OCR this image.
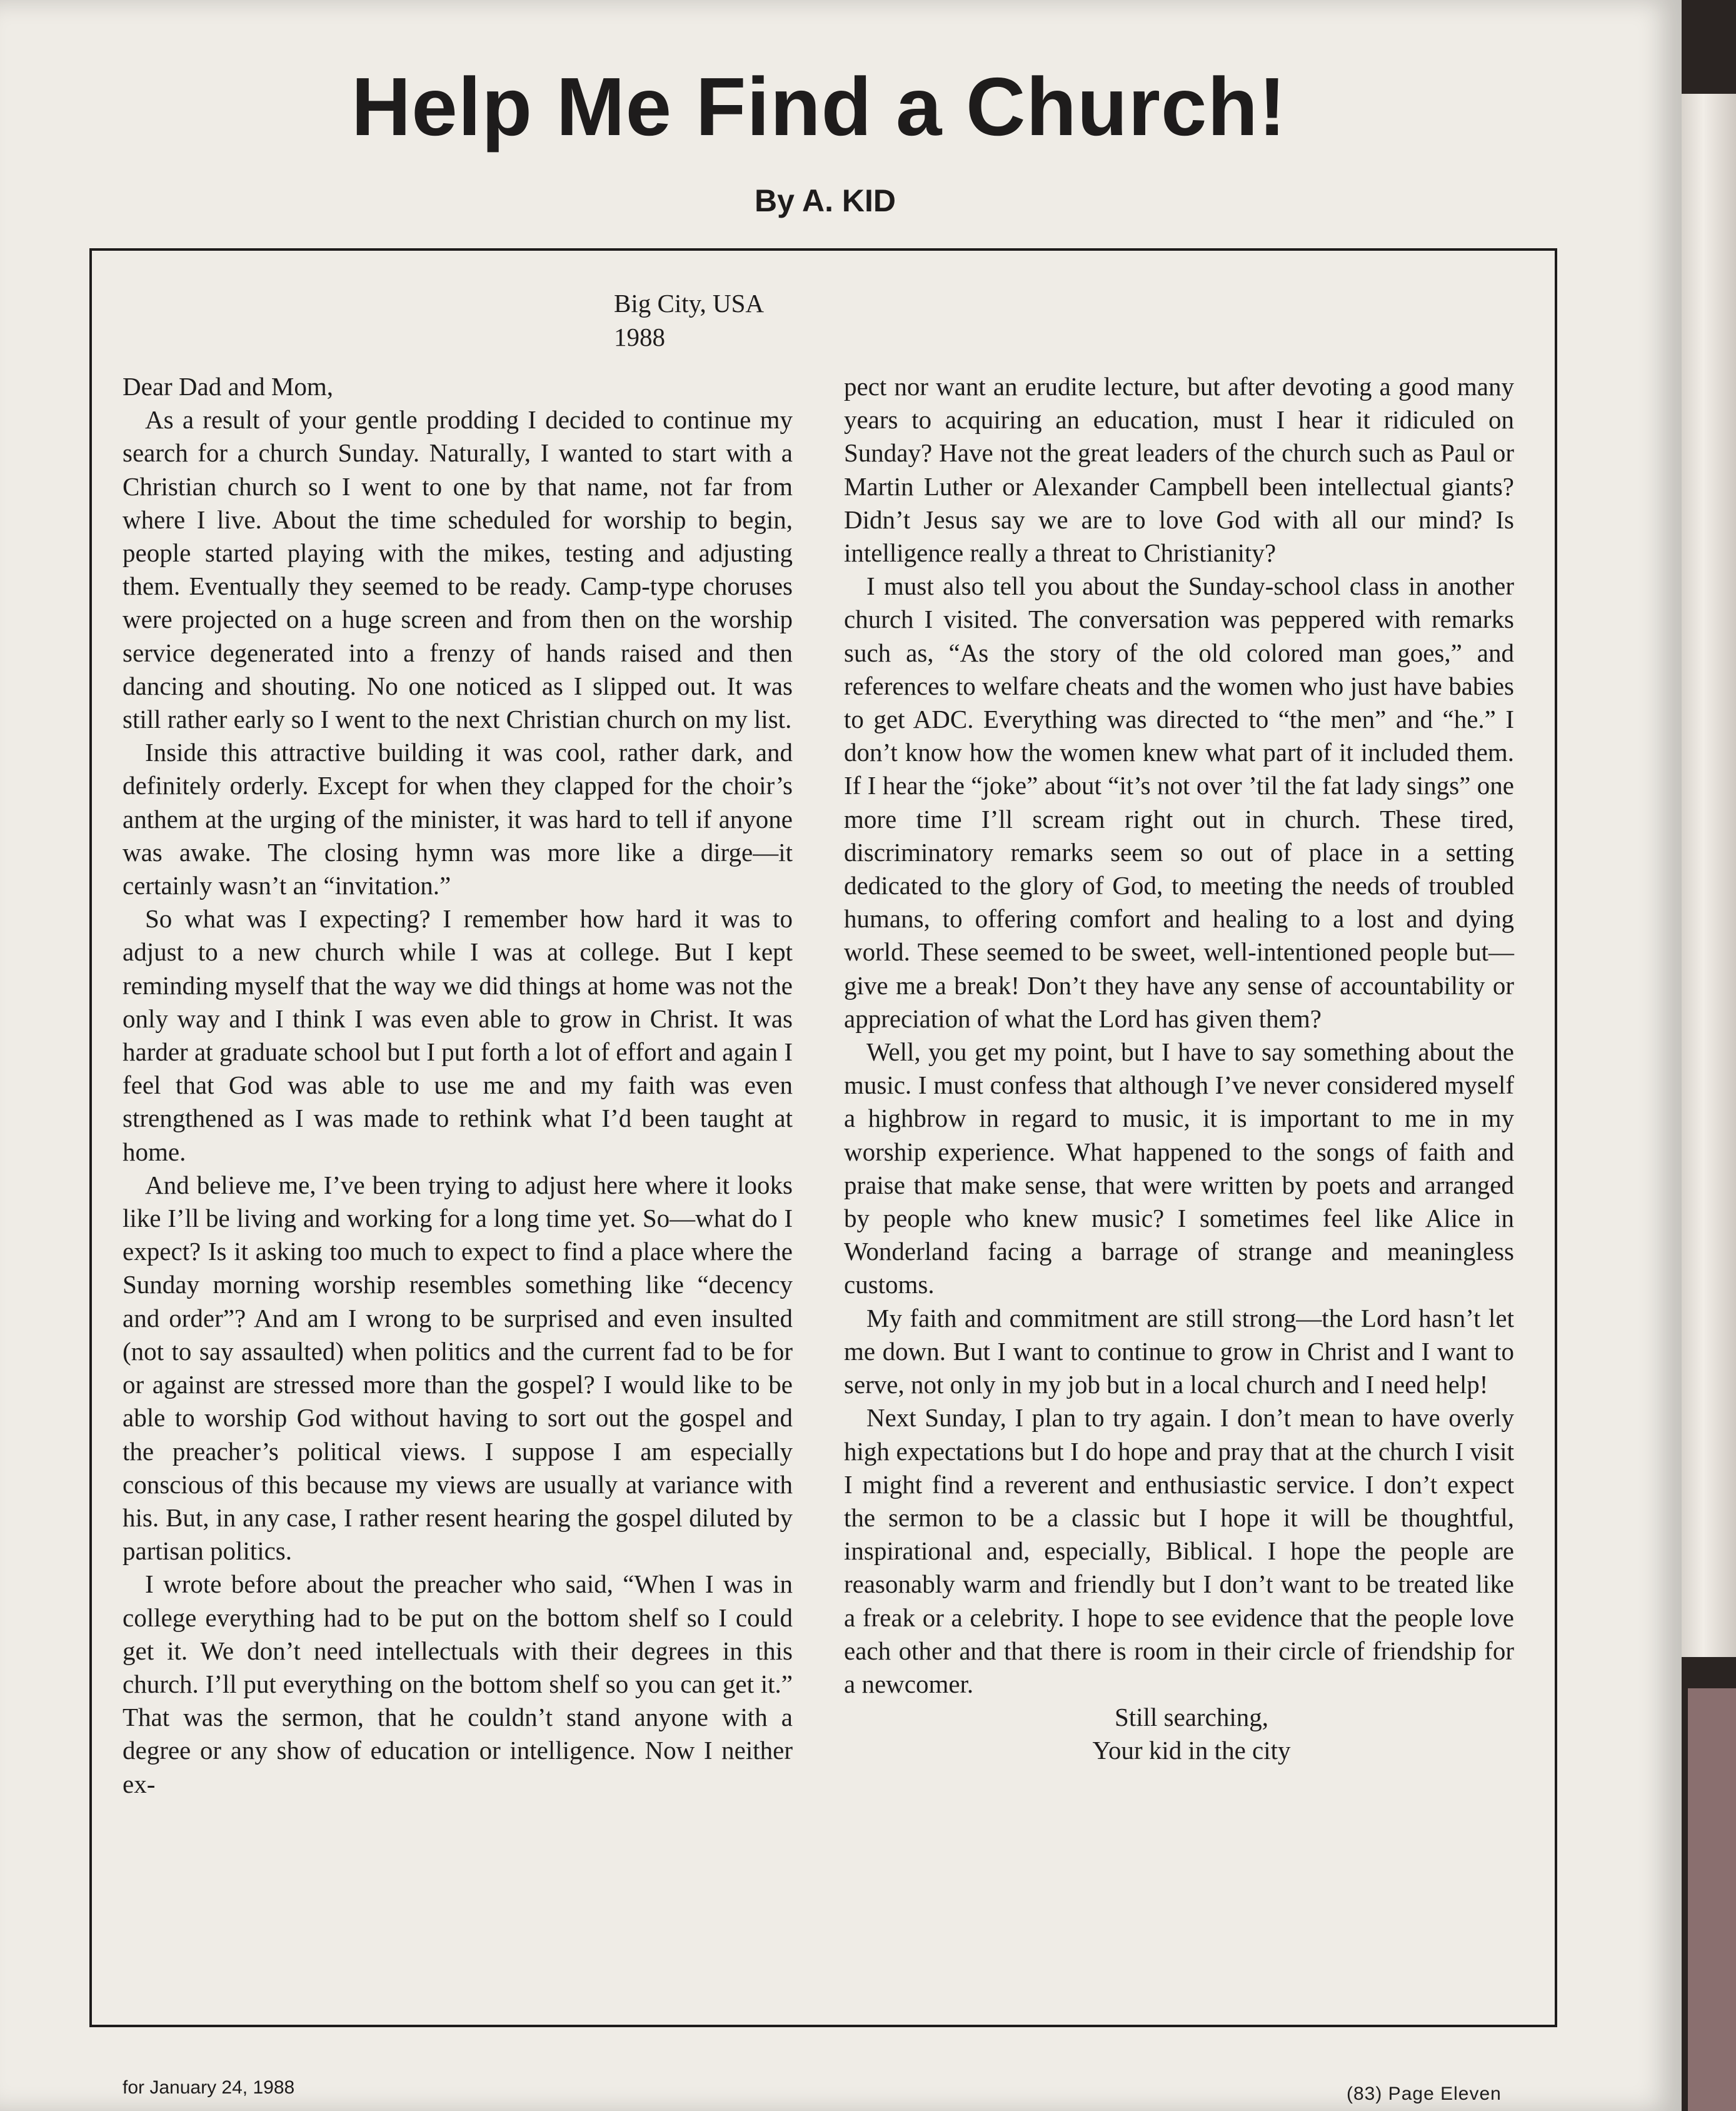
Help Me Find a Church!
By A. KID
Big City, USA
1988

Dear Dad and Mom,

As a result of your gentle prodding I decided to continue my search for a church Sunday. Naturally, I wanted to start with a Christian church so I went to one by that name, not far from where I live. About the time scheduled for worship to begin, people started playing with the mikes, testing and adjusting them. Eventually they seemed to be ready. Camp-type choruses were projected on a huge screen and from then on the worship service degenerated into a frenzy of hands raised and then dancing and shouting. No one noticed as I slipped out. It was still rather early so I went to the next Christian church on my list.

Inside this attractive building it was cool, rather dark, and definitely orderly. Except for when they clapped for the choir’s anthem at the urging of the minister, it was hard to tell if anyone was awake. The closing hymn was more like a dirge—it certainly wasn’t an “invitation.”

So what was I expecting? I remember how hard it was to adjust to a new church while I was at college. But I kept reminding myself that the way we did things at home was not the only way and I think I was even able to grow in Christ. It was harder at graduate school but I put forth a lot of effort and again I feel that God was able to use me and my faith was even strengthened as I was made to rethink what I’d been taught at home.

And believe me, I’ve been trying to adjust here where it looks like I’ll be living and working for a long time yet. So—what do I expect? Is it asking too much to expect to find a place where the Sunday morning worship resembles something like “decency and order”? And am I wrong to be surprised and even insulted (not to say assaulted) when politics and the current fad to be for or against are stressed more than the gospel? I would like to be able to worship God without having to sort out the gospel and the preacher’s political views. I suppose I am especially conscious of this because my views are usually at variance with his. But, in any case, I rather resent hearing the gospel diluted by partisan politics.

I wrote before about the preacher who said, “When I was in college everything had to be put on the bottom shelf so I could get it. We don’t need intellectuals with their degrees in this church. I’ll put everything on the bottom shelf so you can get it.” That was the sermon, that he couldn’t stand anyone with a degree or any show of education or intelligence. Now I neither ex-

pect nor want an erudite lecture, but after devoting a good many years to acquiring an education, must I hear it ridiculed on Sunday? Have not the great leaders of the church such as Paul or Martin Luther or Alexander Campbell been intellectual giants? Didn’t Jesus say we are to love God with all our mind? Is intelligence really a threat to Christianity?

I must also tell you about the Sunday-school class in another church I visited. The conversation was peppered with remarks such as, “As the story of the old colored man goes,” and references to welfare cheats and the women who just have babies to get ADC. Everything was directed to “the men” and “he.” I don’t know how the women knew what part of it included them. If I hear the “joke” about “it’s not over ’til the fat lady sings” one more time I’ll scream right out in church. These tired, discriminatory remarks seem so out of place in a setting dedicated to the glory of God, to meeting the needs of troubled humans, to offering comfort and healing to a lost and dying world. These seemed to be sweet, well-intentioned people but—give me a break! Don’t they have any sense of accountability or appreciation of what the Lord has given them?

Well, you get my point, but I have to say something about the music. I must confess that although I’ve never considered myself a highbrow in regard to music, it is important to me in my worship experience. What happened to the songs of faith and praise that make sense, that were written by poets and arranged by people who knew music? I sometimes feel like Alice in Wonderland facing a barrage of strange and meaningless customs.

My faith and commitment are still strong—the Lord hasn’t let me down. But I want to continue to grow in Christ and I want to serve, not only in my job but in a local church and I need help!

Next Sunday, I plan to try again. I don’t mean to have overly high expectations but I do hope and pray that at the church I visit I might find a reverent and enthusiastic service. I don’t expect the sermon to be a classic but I hope it will be thoughtful, inspirational and, especially, Biblical. I hope the people are reasonably warm and friendly but I don’t want to be treated like a freak or a celebrity. I hope to see evidence that the people love each other and that there is room in their circle of friendship for a newcomer.

Still searching,

Your kid in the city

for January 24, 1988	(83) Page Eleven
